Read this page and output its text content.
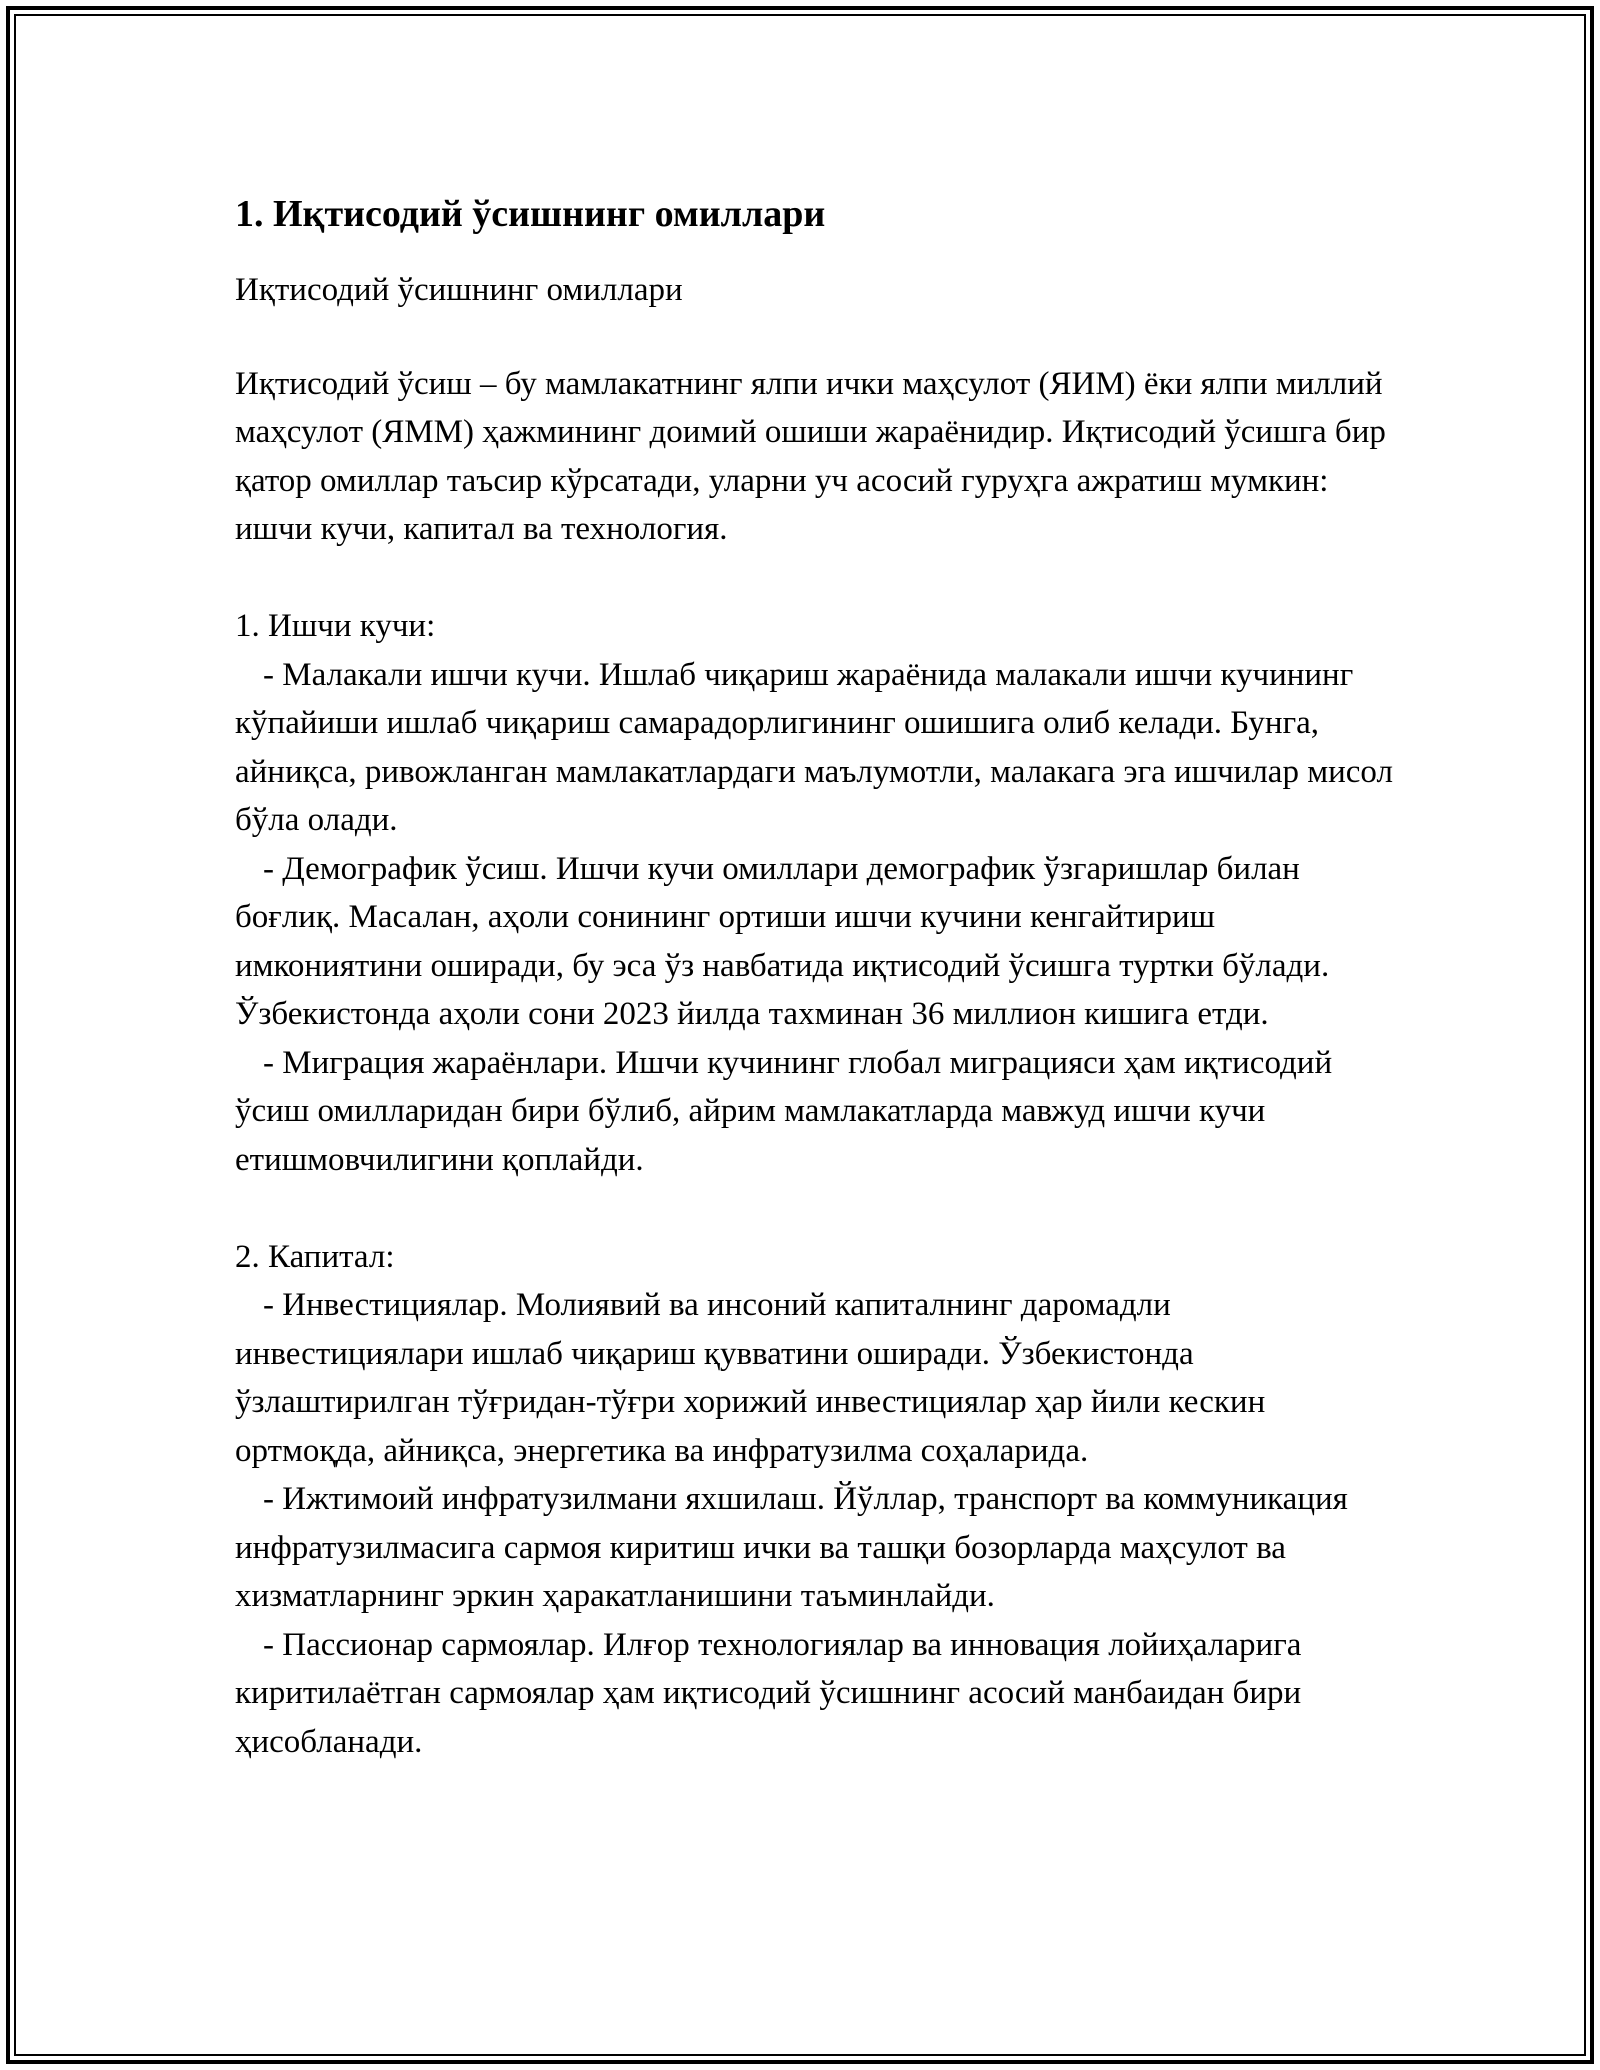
1. Иқтисодий ўсишнинг омиллари
Иқтисодий ўсишнинг омиллари

Иқтисодий ўсиш – бу мамлакатнинг ялпи ички маҳсулот (ЯИМ) ёки ялпи миллий маҳсулот (ЯММ) ҳажмининг доимий ошиши жараёнидир. Иқтисодий ўсишга бир қатор омиллар таъсир кўрсатади, уларни уч асосий гуруҳга ажратиш мумкин: ишчи кучи, капитал ва технология.

1. Ишчи кучи:

- Малакали ишчи кучи. Ишлаб чиқариш жараёнида малакали ишчи кучининг кўпайиши ишлаб чиқариш самарадорлигининг ошишига олиб келади. Бунга, айниқса, ривожланган мамлакатлардаги маълумотли, малакага эга ишчилар мисол бўла олади.

- Демографик ўсиш. Ишчи кучи омиллари демографик ўзгаришлар билан боғлиқ. Масалан, аҳоли сонининг ортиши ишчи кучини кенгайтириш имкониятини оширади, бу эса ўз навбатида иқтисодий ўсишга туртки бўлади. Ўзбекистонда аҳоли сони 2023 йилда тахминан 36 миллион кишига етди.

- Миграция жараёнлари. Ишчи кучининг глобал миграцияси ҳам иқтисодий ўсиш омилларидан бири бўлиб, айрим мамлакатларда мавжуд ишчи кучи етишмовчилигини қоплайди.

2. Капитал:

- Инвестициялар. Молиявий ва инсоний капиталнинг даромадли инвестициялари ишлаб чиқариш қувватини оширади. Ўзбекистонда ўзлаштирилган тўғридан-тўғри хорижий инвестициялар ҳар йили кескин ортмоқда, айниқса, энергетика ва инфратузилма соҳаларида.

- Ижтимоий инфратузилмани яхшилаш. Йўллар, транспорт ва коммуникация инфратузилмасига сармоя киритиш ички ва ташқи бозорларда маҳсулот ва хизматларнинг эркин ҳаракатланишини таъминлайди.

- Пассионар сармоялар. Илғор технологиялар ва инновация лойиҳаларига киритилаётган сармоялар ҳам иқтисодий ўсишнинг асосий манбаидан бири ҳисобланади.
